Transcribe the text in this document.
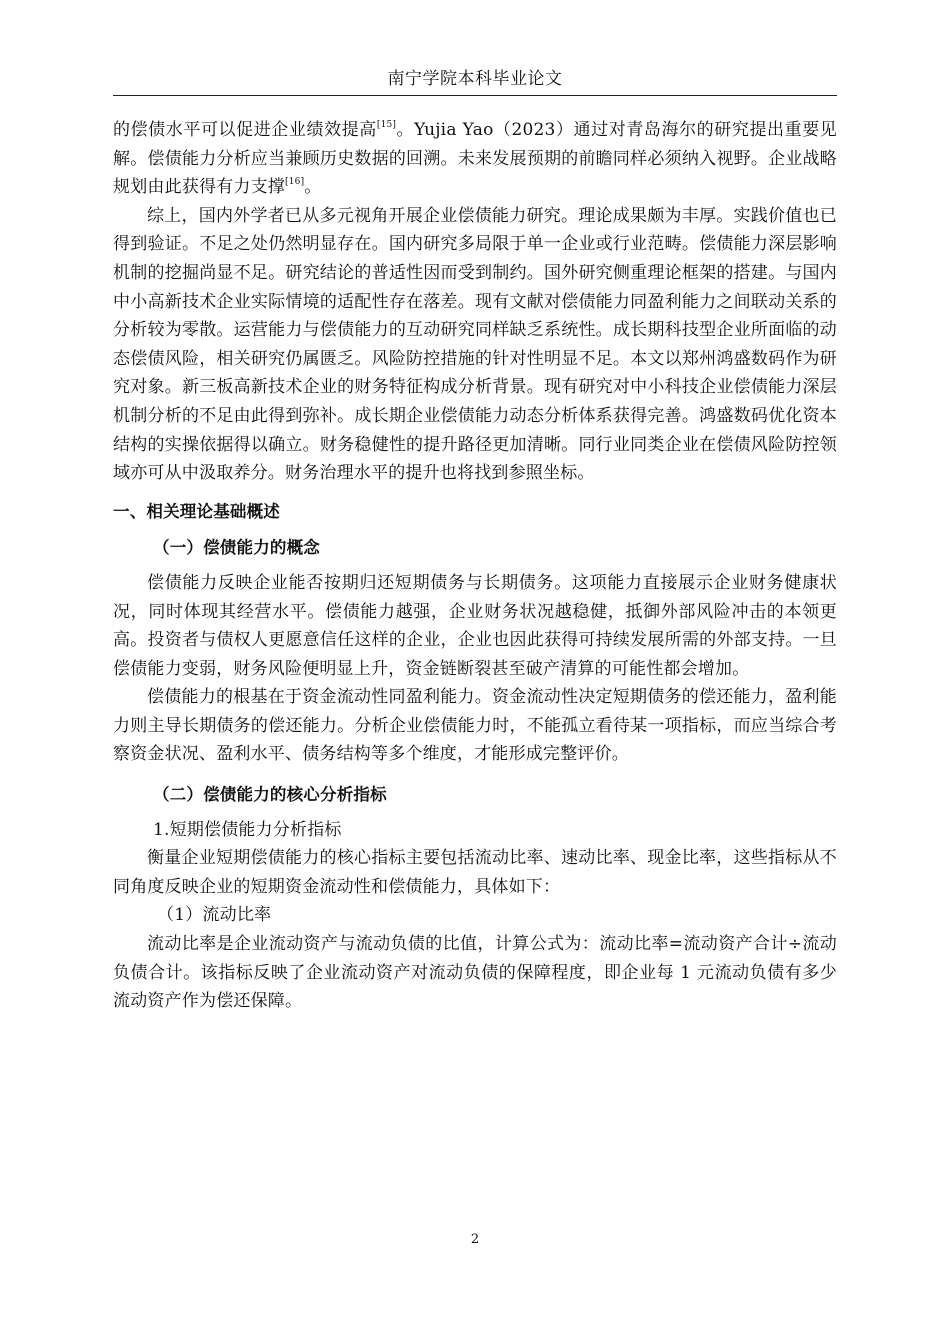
南宁学院本科毕业论文

的偿债水平可以促进企业绩效提高[15]。Yujia Yao（2023）通过对青岛海尔的研究提出重要见解。偿债能力分析应当兼顾历史数据的回溯。未来发展预期的前瞻同样必须纳入视野。企业战略规划由此获得有力支撑[16]。

综上，国内外学者已从多元视角开展企业偿债能力研究。理论成果颇为丰厚。实践价值也已得到验证。不足之处仍然明显存在。国内研究多局限于单一企业或行业范畴。偿债能力深层影响机制的挖掘尚显不足。研究结论的普适性因而受到制约。国外研究侧重理论框架的搭建。与国内中小高新技术企业实际情境的适配性存在落差。现有文献对偿债能力同盈利能力之间联动关系的分析较为零散。运营能力与偿债能力的互动研究同样缺乏系统性。成长期科技型企业所面临的动态偿债风险，相关研究仍属匮乏。风险防控措施的针对性明显不足。本文以郑州鸿盛数码作为研究对象。新三板高新技术企业的财务特征构成分析背景。现有研究对中小科技企业偿债能力深层机制分析的不足由此得到弥补。成长期企业偿债能力动态分析体系获得完善。鸿盛数码优化资本结构的实操依据得以确立。财务稳健性的提升路径更加清晰。同行业同类企业在偿债风险防控领域亦可从中汲取养分。财务治理水平的提升也将找到参照坐标。

一、相关理论基础概述

（一）偿债能力的概念

偿债能力反映企业能否按期归还短期债务与长期债务。这项能力直接展示企业财务健康状况，同时体现其经营水平。偿债能力越强，企业财务状况越稳健，抵御外部风险冲击的本领更高。投资者与债权人更愿意信任这样的企业，企业也因此获得可持续发展所需的外部支持。一旦偿债能力变弱，财务风险便明显上升，资金链断裂甚至破产清算的可能性都会增加。

偿债能力的根基在于资金流动性同盈利能力。资金流动性决定短期债务的偿还能力，盈利能力则主导长期债务的偿还能力。分析企业偿债能力时，不能孤立看待某一项指标，而应当综合考察资金状况、盈利水平、债务结构等多个维度，才能形成完整评价。

（二）偿债能力的核心分析指标

1.短期偿债能力分析指标

衡量企业短期偿债能力的核心指标主要包括流动比率、速动比率、现金比率，这些指标从不同角度反映企业的短期资金流动性和偿债能力，具体如下：

（1）流动比率

流动比率是企业流动资产与流动负债的比值，计算公式为：流动比率=流动资产合计÷流动负债合计。该指标反映了企业流动资产对流动负债的保障程度，即企业每 1 元流动负债有多少流动资产作为偿还保障。

2
